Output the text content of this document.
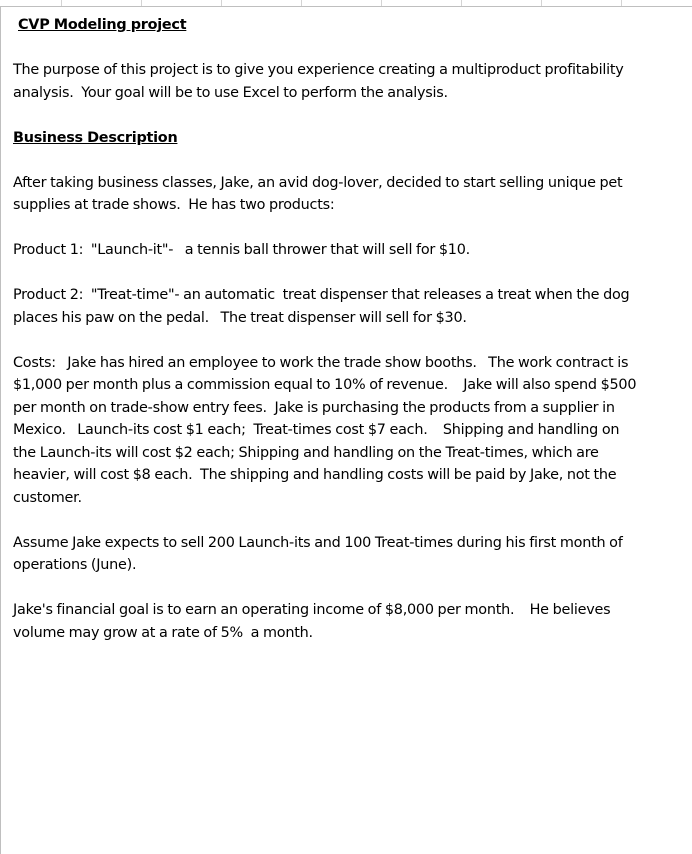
CVP Modeling project
The purpose of this project is to give you experience creating a multiproduct profitability
analysis.  Your goal will be to use Excel to perform the analysis.
Business Description
After taking business classes, Jake, an avid dog-lover, decided to start selling unique pet
supplies at trade shows.  He has two products:
Product 1:  "Launch-it"-   a tennis ball thrower that will sell for $10.
Product 2:  "Treat-time"- an automatic  treat dispenser that releases a treat when the dog
places his paw on the pedal.   The treat dispenser will sell for $30.
Costs:   Jake has hired an employee to work the trade show booths.   The work contract is
$1,000 per month plus a commission equal to 10% of revenue.    Jake will also spend $500
per month on trade-show entry fees.  Jake is purchasing the products from a supplier in
Mexico.   Launch-its cost $1 each;  Treat-times cost $7 each.    Shipping and handling on
the Launch-its will cost $2 each; Shipping and handling on the Treat-times, which are
heavier, will cost $8 each.  The shipping and handling costs will be paid by Jake, not the
customer.
Assume Jake expects to sell 200 Launch-its and 100 Treat-times during his first month of
operations (June).
Jake's financial goal is to earn an operating income of $8,000 per month.    He believes
volume may grow at a rate of 5%  a month.
